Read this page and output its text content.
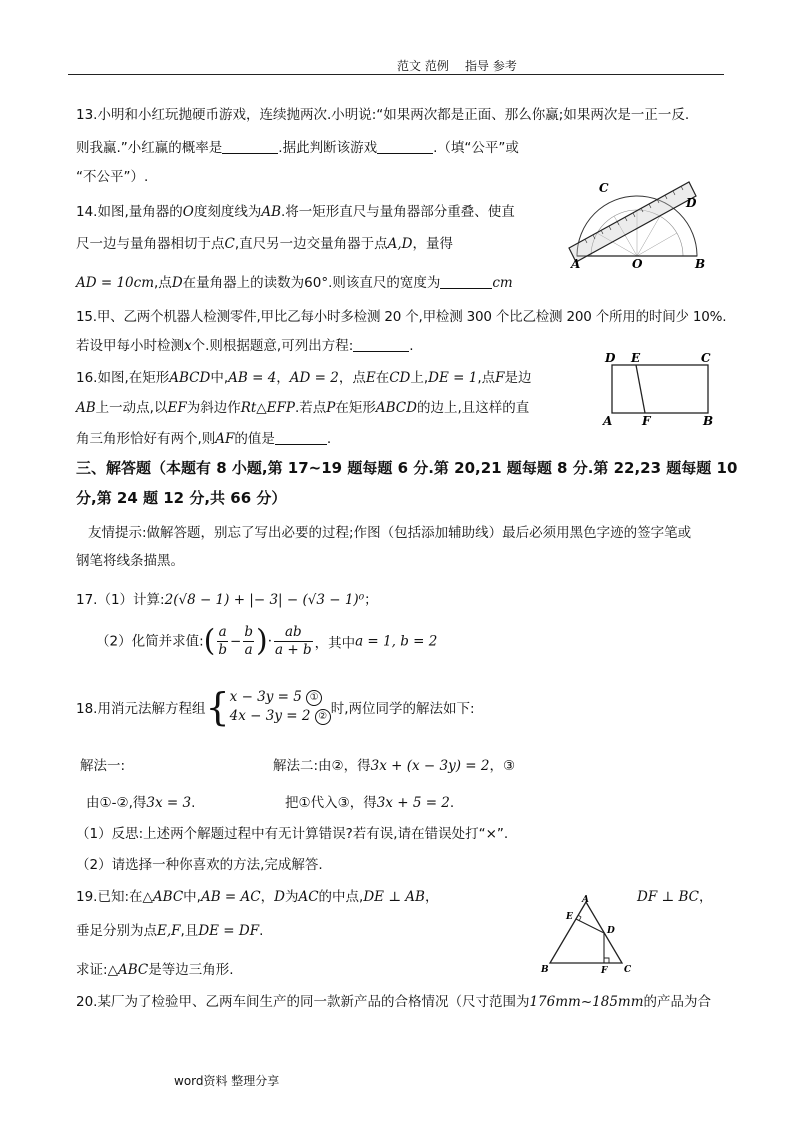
范文 范例 指导 参考
13.小明和小红玩抛硬币游戏，连续抛两次.小明说:“如果两次都是正面、那么你赢;如果两次是一正一反.
则我赢.”小红赢的概率是	.据此判断该游戏	.（填“公平”或
“不公平”）.
14.如图,量角器的O度刻度线为AB.将一矩形直尺与量角器部分重叠、使直
尺一边与量角器相切于点C,直尺另一边交量角器于点A,D，量得
AD = 10cm,点D在量角器上的读数为60°.则该直尺的宽度为	cm
C
D
A	O	B
15.甲、乙两个机器人检测零件,甲比乙每小时多检测 20 个,甲检测 300 个比乙检测 200 个所用的时间少 10%.
若设甲每小时检测x个.则根据题意,可列出方程:	.
16.如图,在矩形ABCD中,AB = 4，AD = 2，点E在CD上,DE = 1,点F是边
AB上一动点,以EF为斜边作Rt△EFP.若点P在矩形ABCD的边上,且这样的直
角三角形恰好有两个,则AF的值是	.
D E	C
A F	B
三、解答题（本题有 8 小题,第 17~19 题每题 6 分.第 20,21 题每题 8 分.第 22,23 题每题 10
分,第 24 题 12 分,共 66 分）
友情提示:做解答题，别忘了写出必要的过程;作图（包括添加辅助线）最后必须用黑色字迹的签字笔或
钢笔将线条描黑。
17.（1）计算:2(√8 − 1) + |− 3| − (√3 − 1)⁰；
（2）化简并求值:( $\frac{a}{b} - \frac{b}{a}$ )· $\frac{ab}{a + b}$ ，其中a = 1, b = 2
18.用消元法解方程组{ x − 3y = 5 ①
4x − 3y = 2 ② 时,两位同学的解法如下:
解法一:	解法二:由②，得3x + (x − 3y) = 2，③
由①-②,得3x = 3.	把①代入③，得3x + 5 = 2.
（1）反思:上述两个解题过程中有无计算错误?若有误,请在错误处打“×”.
（2）请选择一种你喜欢的方法,完成解答.
19.已知:在△ABC中,AB = AC，D为AC的中点,DE ⊥ AB，	DF ⊥ BC，
垂足分别为点E,F,且DE = DF.
求证:△ABC是等边三角形.
A
E
D
B	F C
20.某厂为了检验甲、乙两车间生产的同一款新产品的合格情况（尺寸范围为176mm~185mm的产品为合
word资料 整理分享
